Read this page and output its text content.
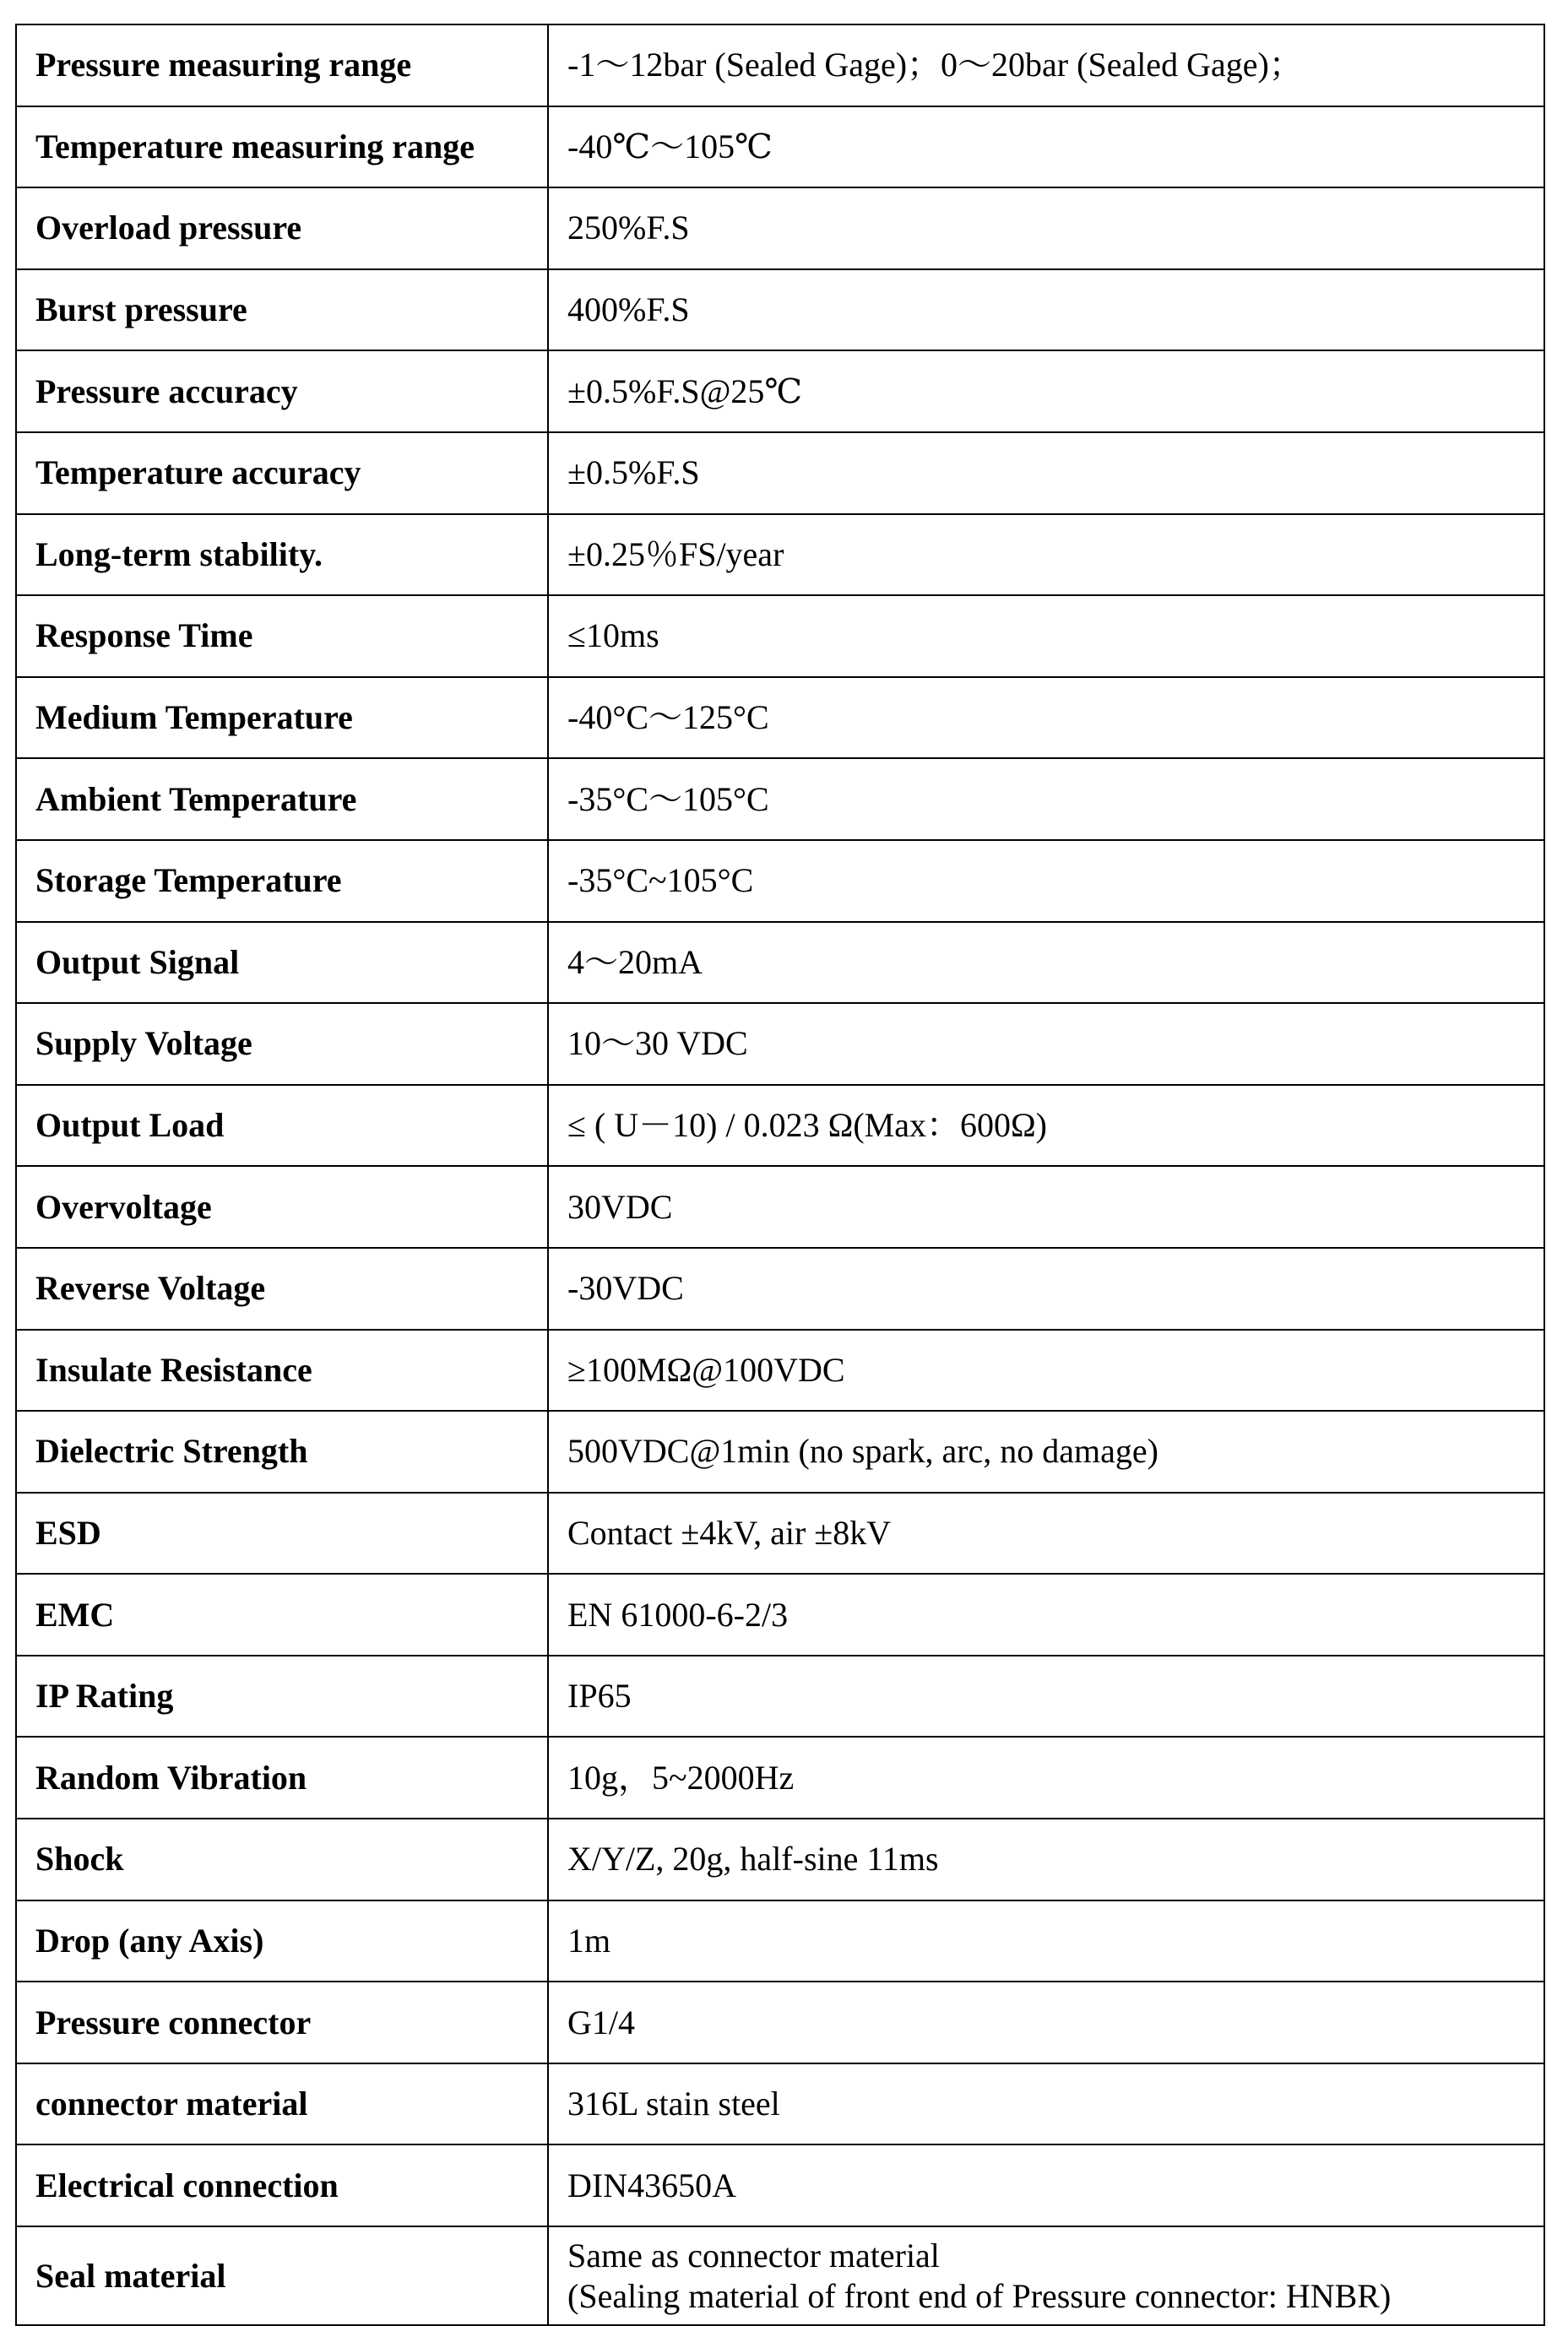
Pressure measuring range	-1～12bar (Sealed Gage)；0～20bar (Sealed Gage)；

Temperature measuring range	-40℃～105℃

Overload pressure	250%F.S

Burst pressure	400%F.S

Pressure accuracy	±0.5%F.S@25℃

Temperature accuracy	±0.5%F.S

Long-term stability.	±0.25％FS/year

Response Time	≤10ms

Medium Temperature	-40°C～125°C

Ambient Temperature	-35°C～105°C

Storage Temperature	-35°C~105°C

Output Signal	4～20mA

Supply Voltage	10～30 VDC

Output Load	≤ ( U－10) / 0.023 Ω(Max：600Ω)

Overvoltage	30VDC

Reverse Voltage	-30VDC

Insulate Resistance	≥100MΩ@100VDC

Dielectric Strength	500VDC@1min (no spark, arc, no damage)

ESD	Contact ±4kV, air ±8kV

EMC	EN 61000-6-2/3

IP Rating	IP65

Random Vibration	10g，5~2000Hz

Shock	X/Y/Z, 20g, half-sine 11ms

Drop (any Axis)	1m

Pressure connector	G1/4

connector material	316L stain steel

Electrical connection	DIN43650A

Seal material	Same as connector material
(Sealing material of front end of Pressure connector: HNBR)
